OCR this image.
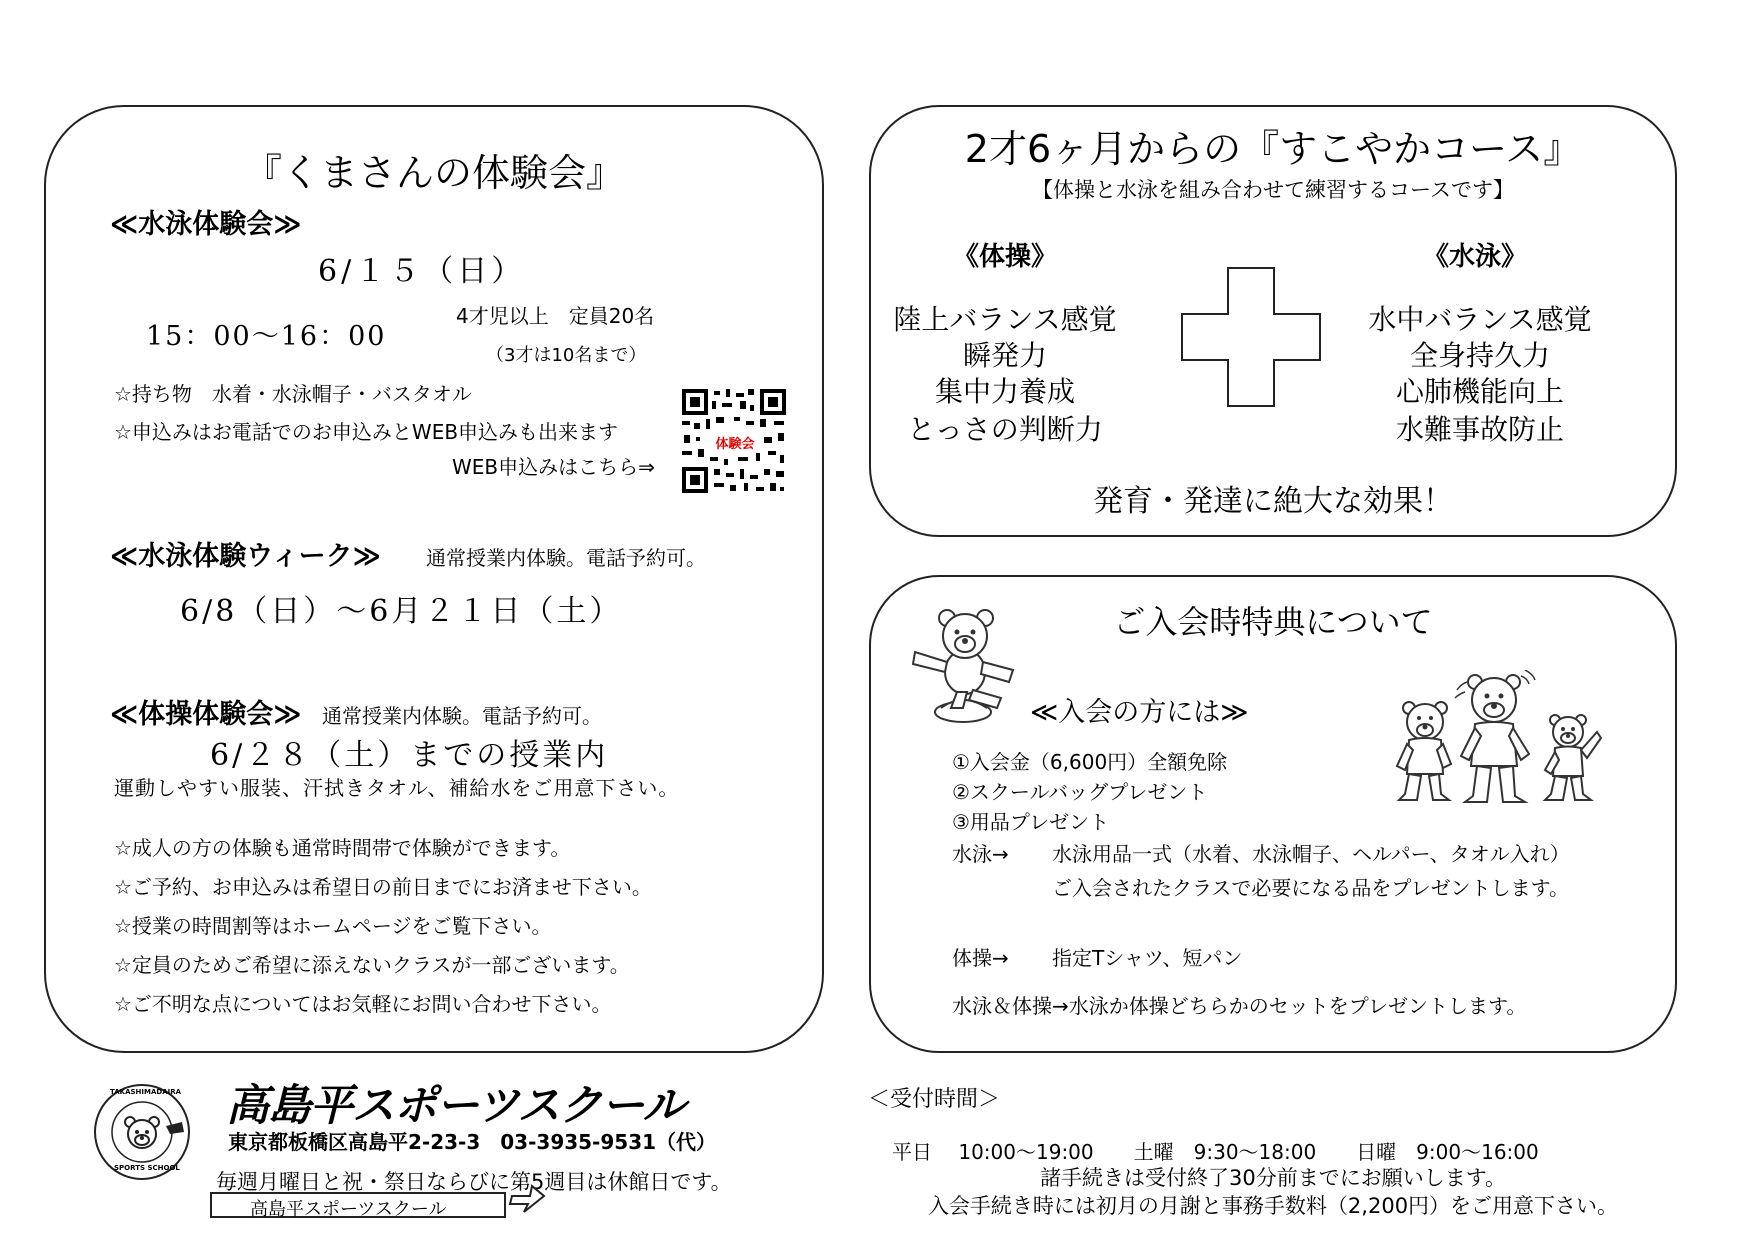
『くまさんの体験会』
≪水泳体験会≫
6/１５（日）
15：00～16：00
4才児以上　定員20名
（3才は10名まで）
☆持ち物　水着・水泳帽子・バスタオル
☆申込みはお電話でのお申込みとWEB申込みも出来ます
WEB申込みはこちら⇒
体験会
≪水泳体験ウィーク≫ 通常授業内体験。電話予約可。
6/8（日）～6月２１日（土）
≪体操体験会≫ 通常授業内体験。電話予約可。
6/２８（土）までの授業内
運動しやすい服装、汗拭きタオル、補給水をご用意下さい。
☆成人の方の体験も通常時間帯で体験ができます。
☆ご予約、お申込みは希望日の前日までにお済ませ下さい。
☆授業の時間割等はホームページをご覧下さい。
☆定員のためご希望に添えないクラスが一部ございます。
☆ご不明な点についてはお気軽にお問い合わせ下さい。
2才6ヶ月からの『すこやかコース』
【体操と水泳を組み合わせて練習するコースです】
《体操》
陸上バランス感覚
瞬発力
集中力養成
とっさの判断力
《水泳》
水中バランス感覚
全身持久力
心肺機能向上
水難事故防止
発育・発達に絶大な効果！
ご入会時特典について
≪入会の方には≫
①入会金（6,600円）全額免除
②スクールバッグプレゼント
③用品プレゼント
水泳→ 水泳用品一式（水着、水泳帽子、ヘルパー、タオル入れ）
ご入会されたクラスで必要になる品をプレゼントします。
体操→ 指定Tシャツ、短パン
水泳＆体操→水泳か体操どちらかのセットをプレゼントします。
TAKASHIMADAIRA
SPORTS SCHOOL
高島平スポーツスクール
東京都板橋区高島平2-23-3　03-3935-9531（代）
毎週月曜日と祝・祭日ならびに第5週目は休館日です。
高島平スポーツスクール
＜受付時間＞
平日　 10:00～19:00　　土曜　9:30～18:00　　日曜　9:00～16:00
諸手続きは受付終了30分前までにお願いします。
入会手続き時には初月の月謝と事務手数料（2,200円）をご用意下さい。
